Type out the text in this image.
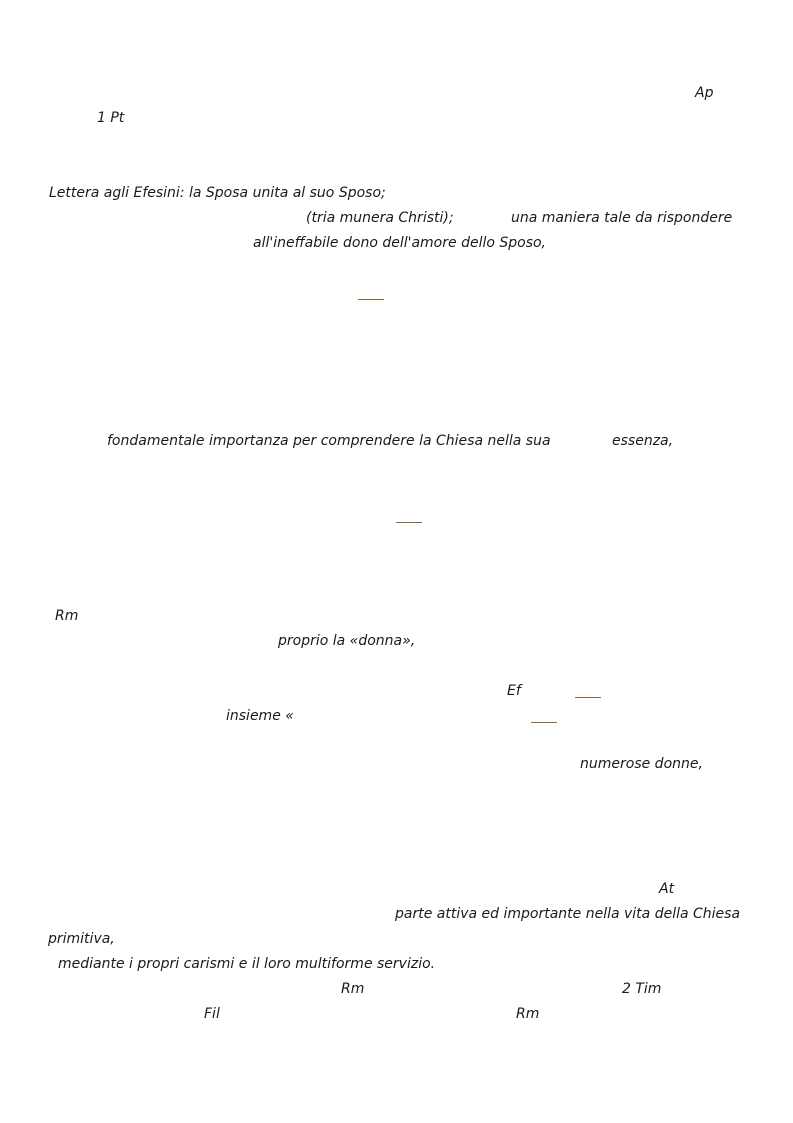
Ap
1 Pt
Lettera agli Efesini: la Sposa unita al suo Sposo;
(tria munera Christi);	una maniera tale da rispondere
all'ineffabile dono dell'amore dello Sposo,
fondamentale importanza per comprendere la Chiesa nella sua	essenza,
Rm
proprio la «donna»,
Ef
insieme «
numerose donne,
At
parte attiva ed importante nella vita della Chiesa
primitiva,
mediante i propri carismi e il loro multiforme servizio.
Rm	2 Tim
Fil	Rm
